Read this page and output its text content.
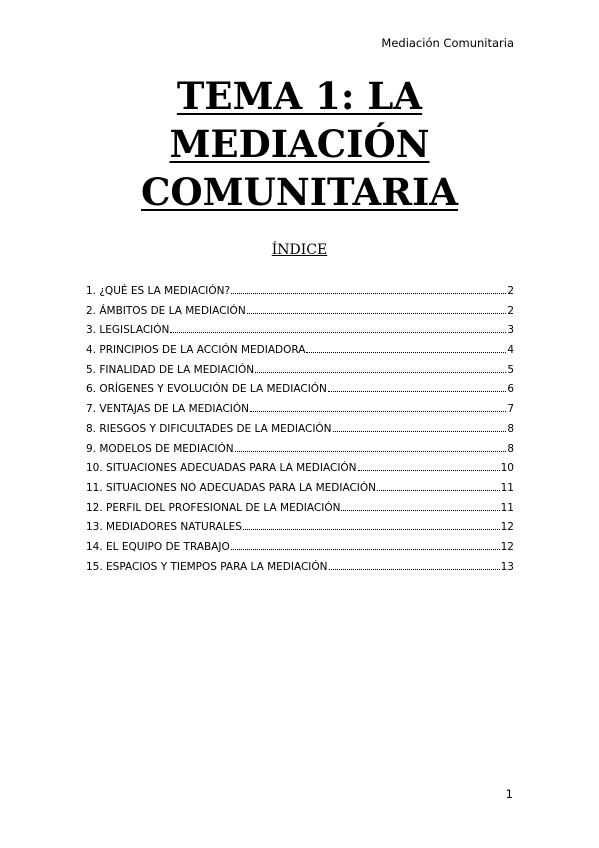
Mediación Comunitaria
TEMA 1: LA
MEDIACIÓN
COMUNITARIA
ÍNDICE
1. ¿QUÉ ES LA MEDIACIÓN?	2
2. ÁMBITOS DE LA MEDIACIÓN	2
3. LEGISLACIÓN	3
4. PRINCIPIOS DE LA ACCIÓN MEDIADORA	4
5. FINALIDAD DE LA MEDIACIÓN	5
6. ORÍGENES Y EVOLUCIÓN DE LA MEDIACIÓN	6
7. VENTAJAS DE LA MEDIACIÓN	7
8. RIESGOS Y DIFICULTADES DE LA MEDIACIÓN	8
9. MODELOS DE MEDIACIÓN	8
10. SITUACIONES ADECUADAS PARA LA MEDIACIÓN	10
11. SITUACIONES NO ADECUADAS PARA LA MEDIACIÓN	11
12. PERFIL DEL PROFESIONAL DE LA MEDIACIÓN	11
13. MEDIADORES NATURALES	12
14. EL EQUIPO DE TRABAJO	12
15. ESPACIOS Y TIEMPOS PARA LA MEDIACIÓN	13
1
